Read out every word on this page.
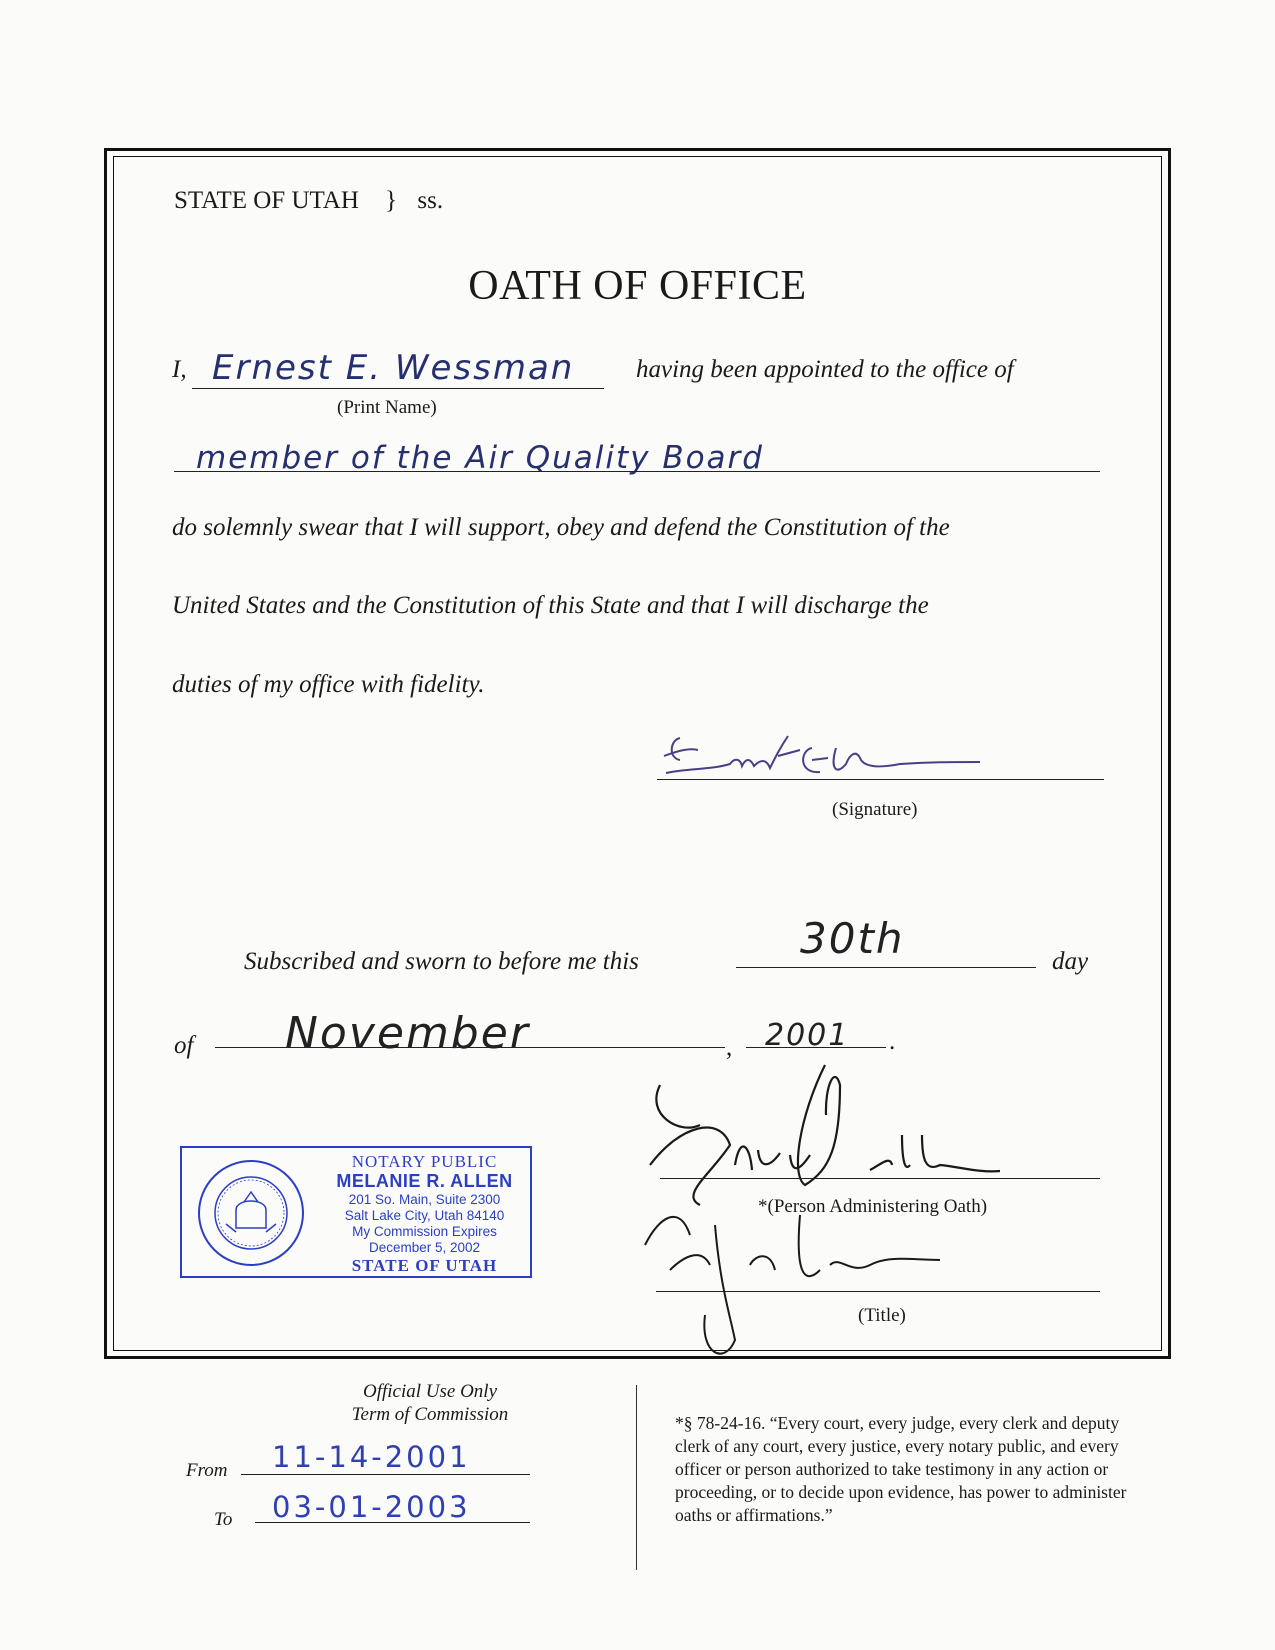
STATE OF UTAH } ss.
OATH OF OFFICE
I, Ernest E. Wessman
(Print Name)
having been appointed to the office of
member of the Air Quality Board
do solemnly swear that I will support, obey and defend the Constitution of the
United States and the Constitution of this State and that I will discharge the
duties of my office with fidelity.
(Signature)
Subscribed and sworn to before me this	30th	day
of November	, 2001 .
*(Person Administering Oath)
(Title)
NOTARY PUBLIC
MELANIE R. ALLEN
201 So. Main, Suite 2300
Salt Lake City, Utah 84140
My Commission Expires
December 5, 2002
STATE OF UTAH
Official Use Only
Term of Commission
From 11-14-2001
To 03-01-2003
*§ 78-24-16. “Every court, every judge, every clerk and deputy clerk of any court, every justice, every notary public, and every officer or person authorized to take testimony in any action or proceeding, or to decide upon evidence, has power to administer oaths or affirmations.”
